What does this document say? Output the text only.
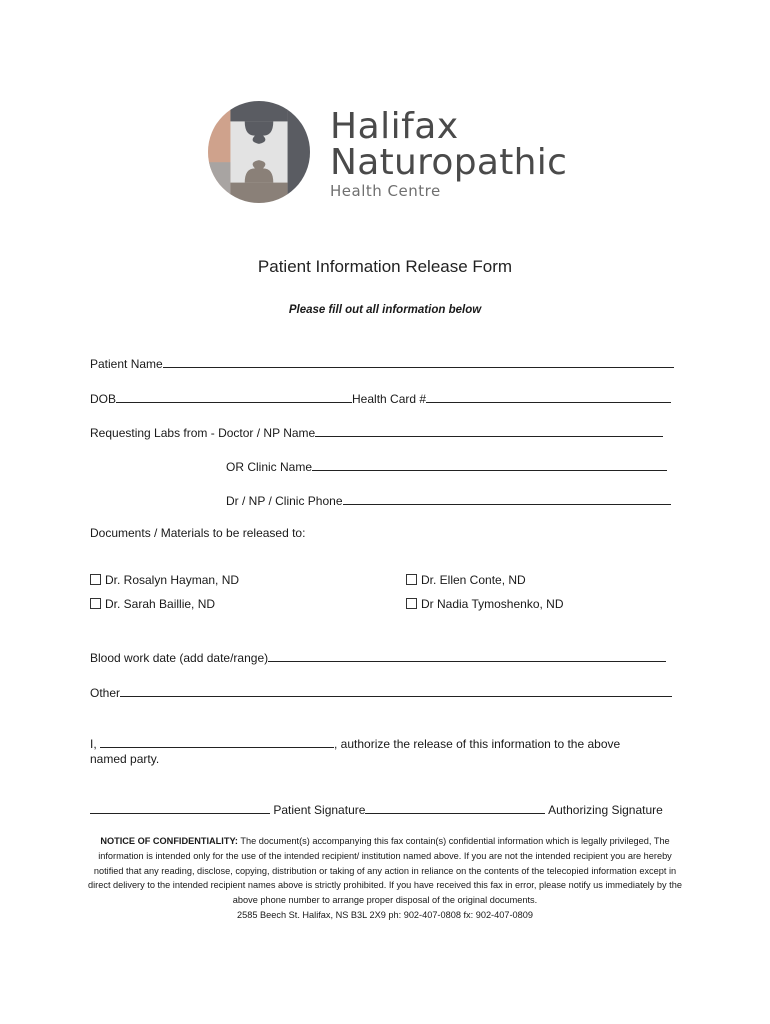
Halifax
Naturopathic
Health Centre
Patient Information Release Form
Please fill out all information below
Patient Name
DOB	Health Card #
Requesting Labs from - Doctor / NP Name
OR Clinic Name
Dr / NP / Clinic Phone
Documents / Materials to be released to:
Dr. Rosalyn Hayman, ND	Dr. Ellen Conte, ND
Dr. Sarah Baillie, ND	Dr Nadia Tymoshenko, ND
Blood work date (add date/range)
Other
I,	, authorize the release of this information to the above
named party.
Patient Signature	Authorizing Signature
NOTICE OF CONFIDENTIALITY: The document(s) accompanying this fax contain(s) confidential information which is legally privileged, The information is intended only for the use of the intended recipient/ institution named above. If you are not the intended recipient you are hereby notified that any reading, disclose, copying, distribution or taking of any action in reliance on the contents of the telecopied information except in direct delivery to the intended recipient names above is strictly prohibited. If you have received this fax in error, please notify us immediately by the above phone number to arrange proper disposal of the original documents.
2585 Beech St. Halifax, NS B3L 2X9 ph: 902-407-0808 fx: 902-407-0809
